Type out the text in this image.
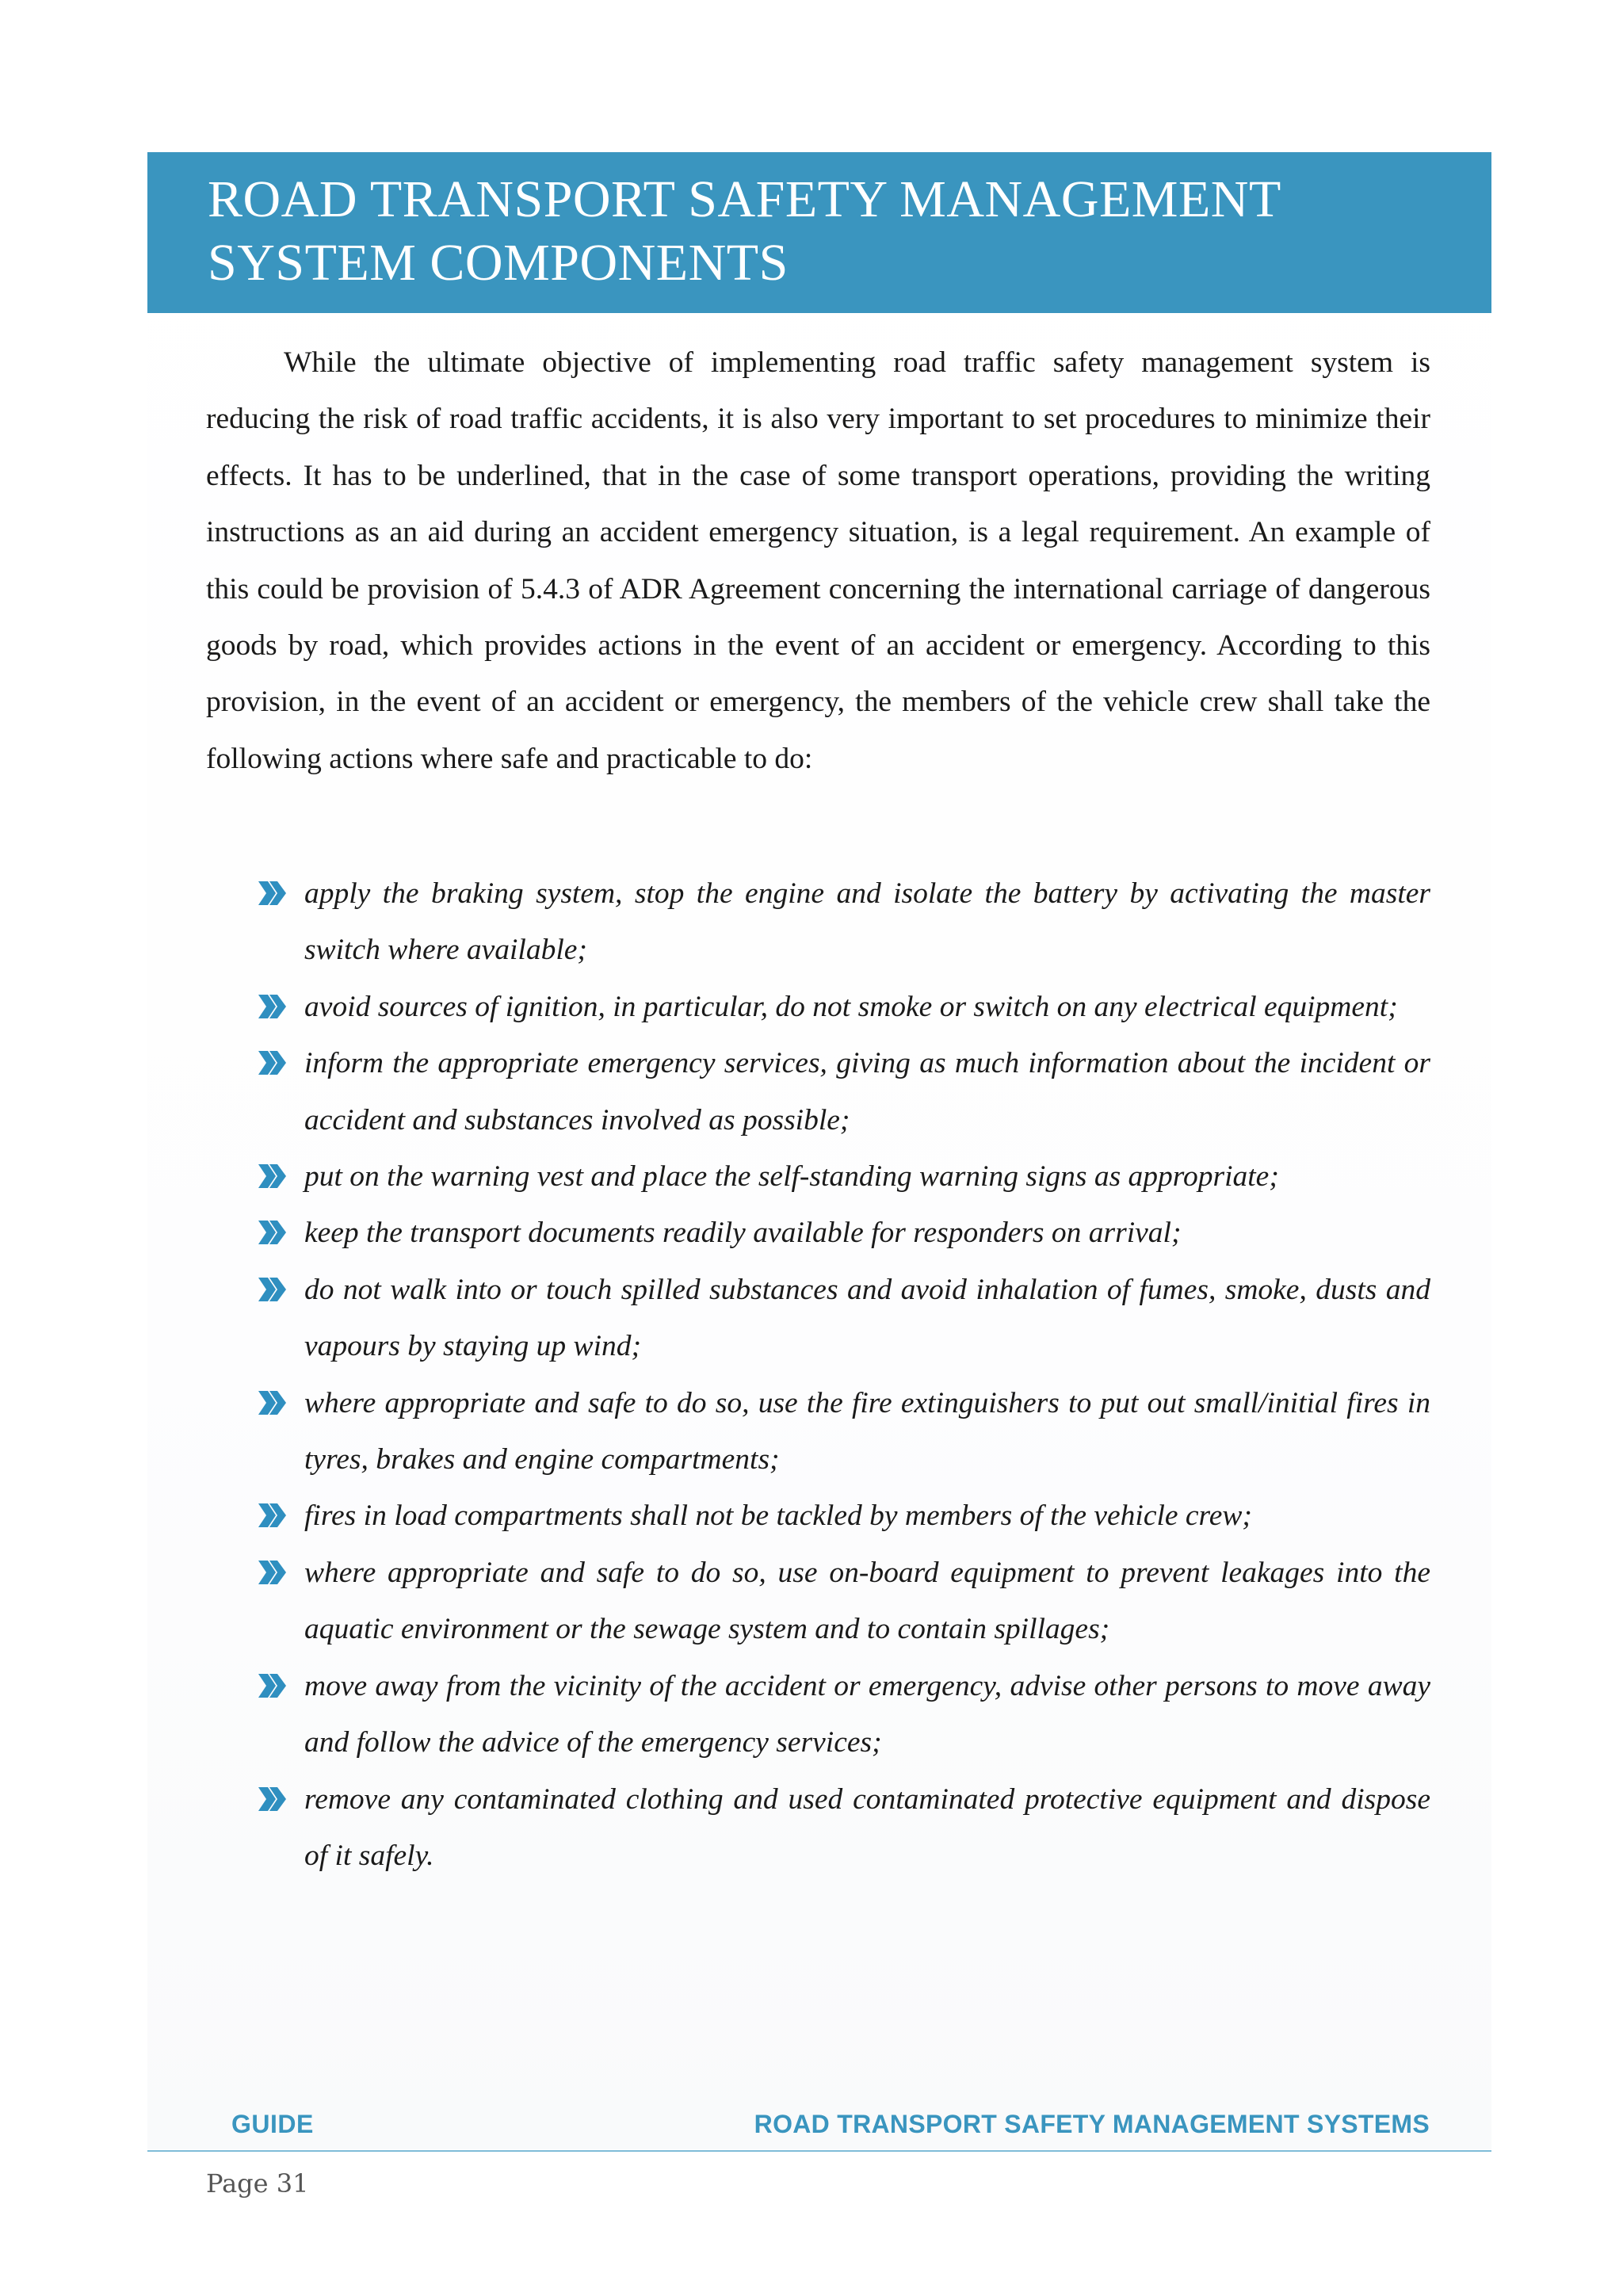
ROAD TRANSPORT SAFETY MANAGEMENT
SYSTEM COMPONENTS

While the ultimate objective of implementing road traffic safety management system is reducing the risk of road traffic accidents, it is also very important to set procedures to minimize their effects. It has to be underlined, that in the case of some transport operations, providing the writing instructions as an aid during an accident emergency situation, is a legal requirement. An example of this could be provision of 5.4.3 of ADR Agreement concerning the international carriage of dangerous goods by road, which provides actions in the event of an accident or emergency. According to this provision, in the event of an accident or emergency, the members of the vehicle crew shall take the following actions where safe and practicable to do:

apply the braking system, stop the engine and isolate the battery by activating the master switch where available;
avoid sources of ignition, in particular, do not smoke or switch on any electrical equipment;
inform the appropriate emergency services, giving as much information about the incident or accident and substances involved as possible;
put on the warning vest and place the self-standing warning signs as appropriate;
keep the transport documents readily available for responders on arrival;
do not walk into or touch spilled substances and avoid inhalation of fumes, smoke, dusts and vapours by staying up wind;
where appropriate and safe to do so, use the fire extinguishers to put out small/initial fires in tyres, brakes and engine compartments;
fires in load compartments shall not be tackled by members of the vehicle crew;
where appropriate and safe to do so, use on-board equipment to prevent leakages into the aquatic environment or the sewage system and to contain spillages;
move away from the vicinity of the accident or emergency, advise other persons to move away and follow the advice of the emergency services;
remove any contaminated clothing and used contaminated protective equipment and dispose of it safely.
GUIDE	ROAD TRANSPORT SAFETY MANAGEMENT SYSTEMS
Page 31
